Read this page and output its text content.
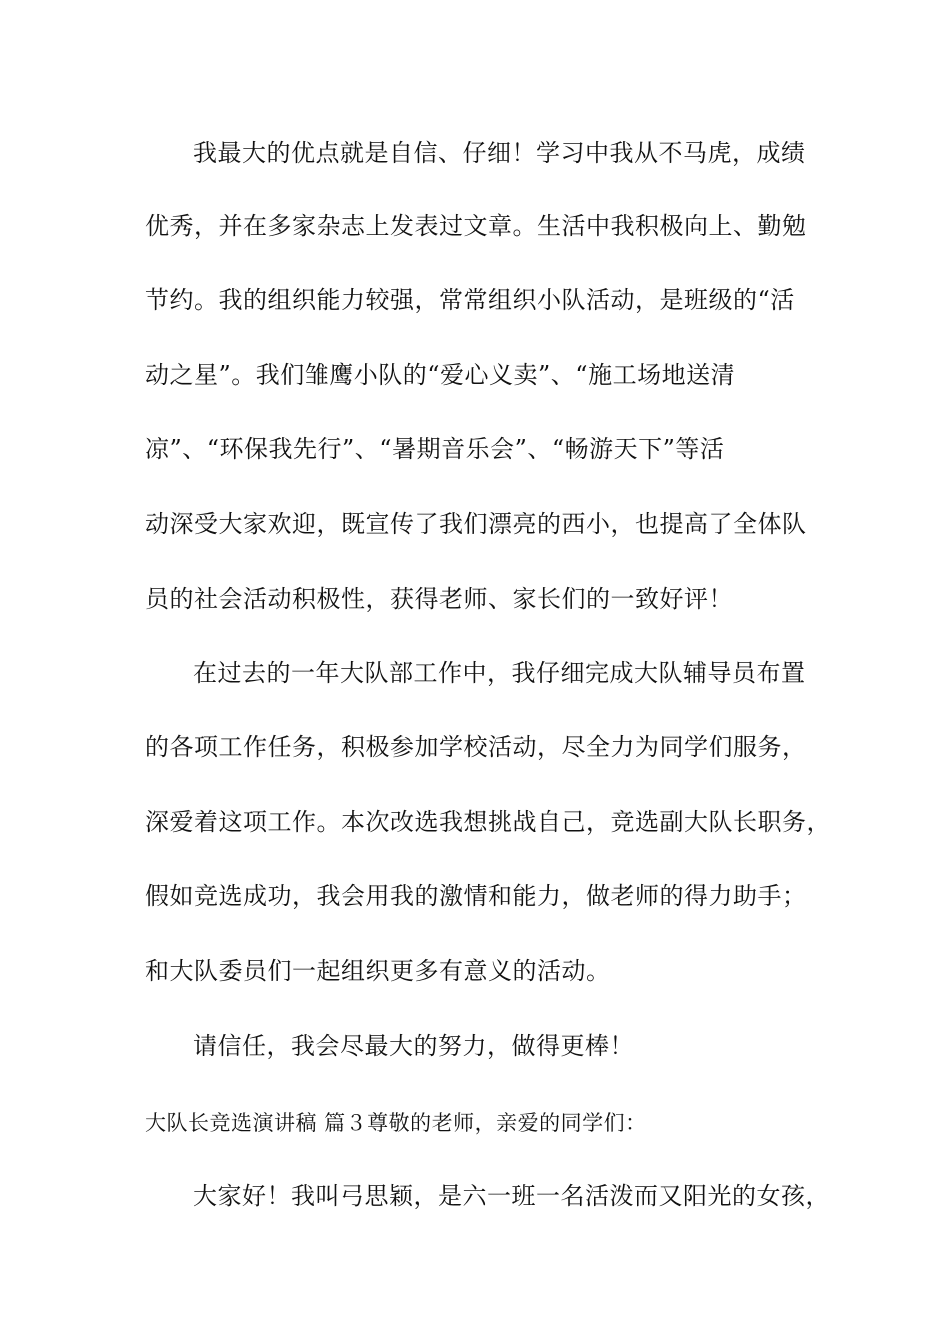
我最大的优点就是自信、仔细！学习中我从不马虎，成绩
优秀，并在多家杂志上发表过文章。生活中我积极向上、勤勉
节约。我的组织能力较强，常常组织小队活动，是班级的“活
动之星”。我们雏鹰小队的“爱心义卖”、“施工场地送清
凉”、“环保我先行”、“暑期音乐会”、“畅游天下”等活
动深受大家欢迎，既宣传了我们漂亮的西小，也提高了全体队
员的社会活动积极性，获得老师、家长们的一致好评！
在过去的一年大队部工作中，我仔细完成大队辅导员布置
的各项工作任务，积极参加学校活动，尽全力为同学们服务，
深爱着这项工作。本次改选我想挑战自己，竞选副大队长职务，
假如竞选成功，我会用我的激情和能力，做老师的得力助手；
和大队委员们一起组织更多有意义的活动。
请信任，我会尽最大的努力，做得更棒！
大队长竞选演讲稿 篇３尊敬的老师，亲爱的同学们：
大家好！我叫弓思颖，是六一班一名活泼而又阳光的女孩，
